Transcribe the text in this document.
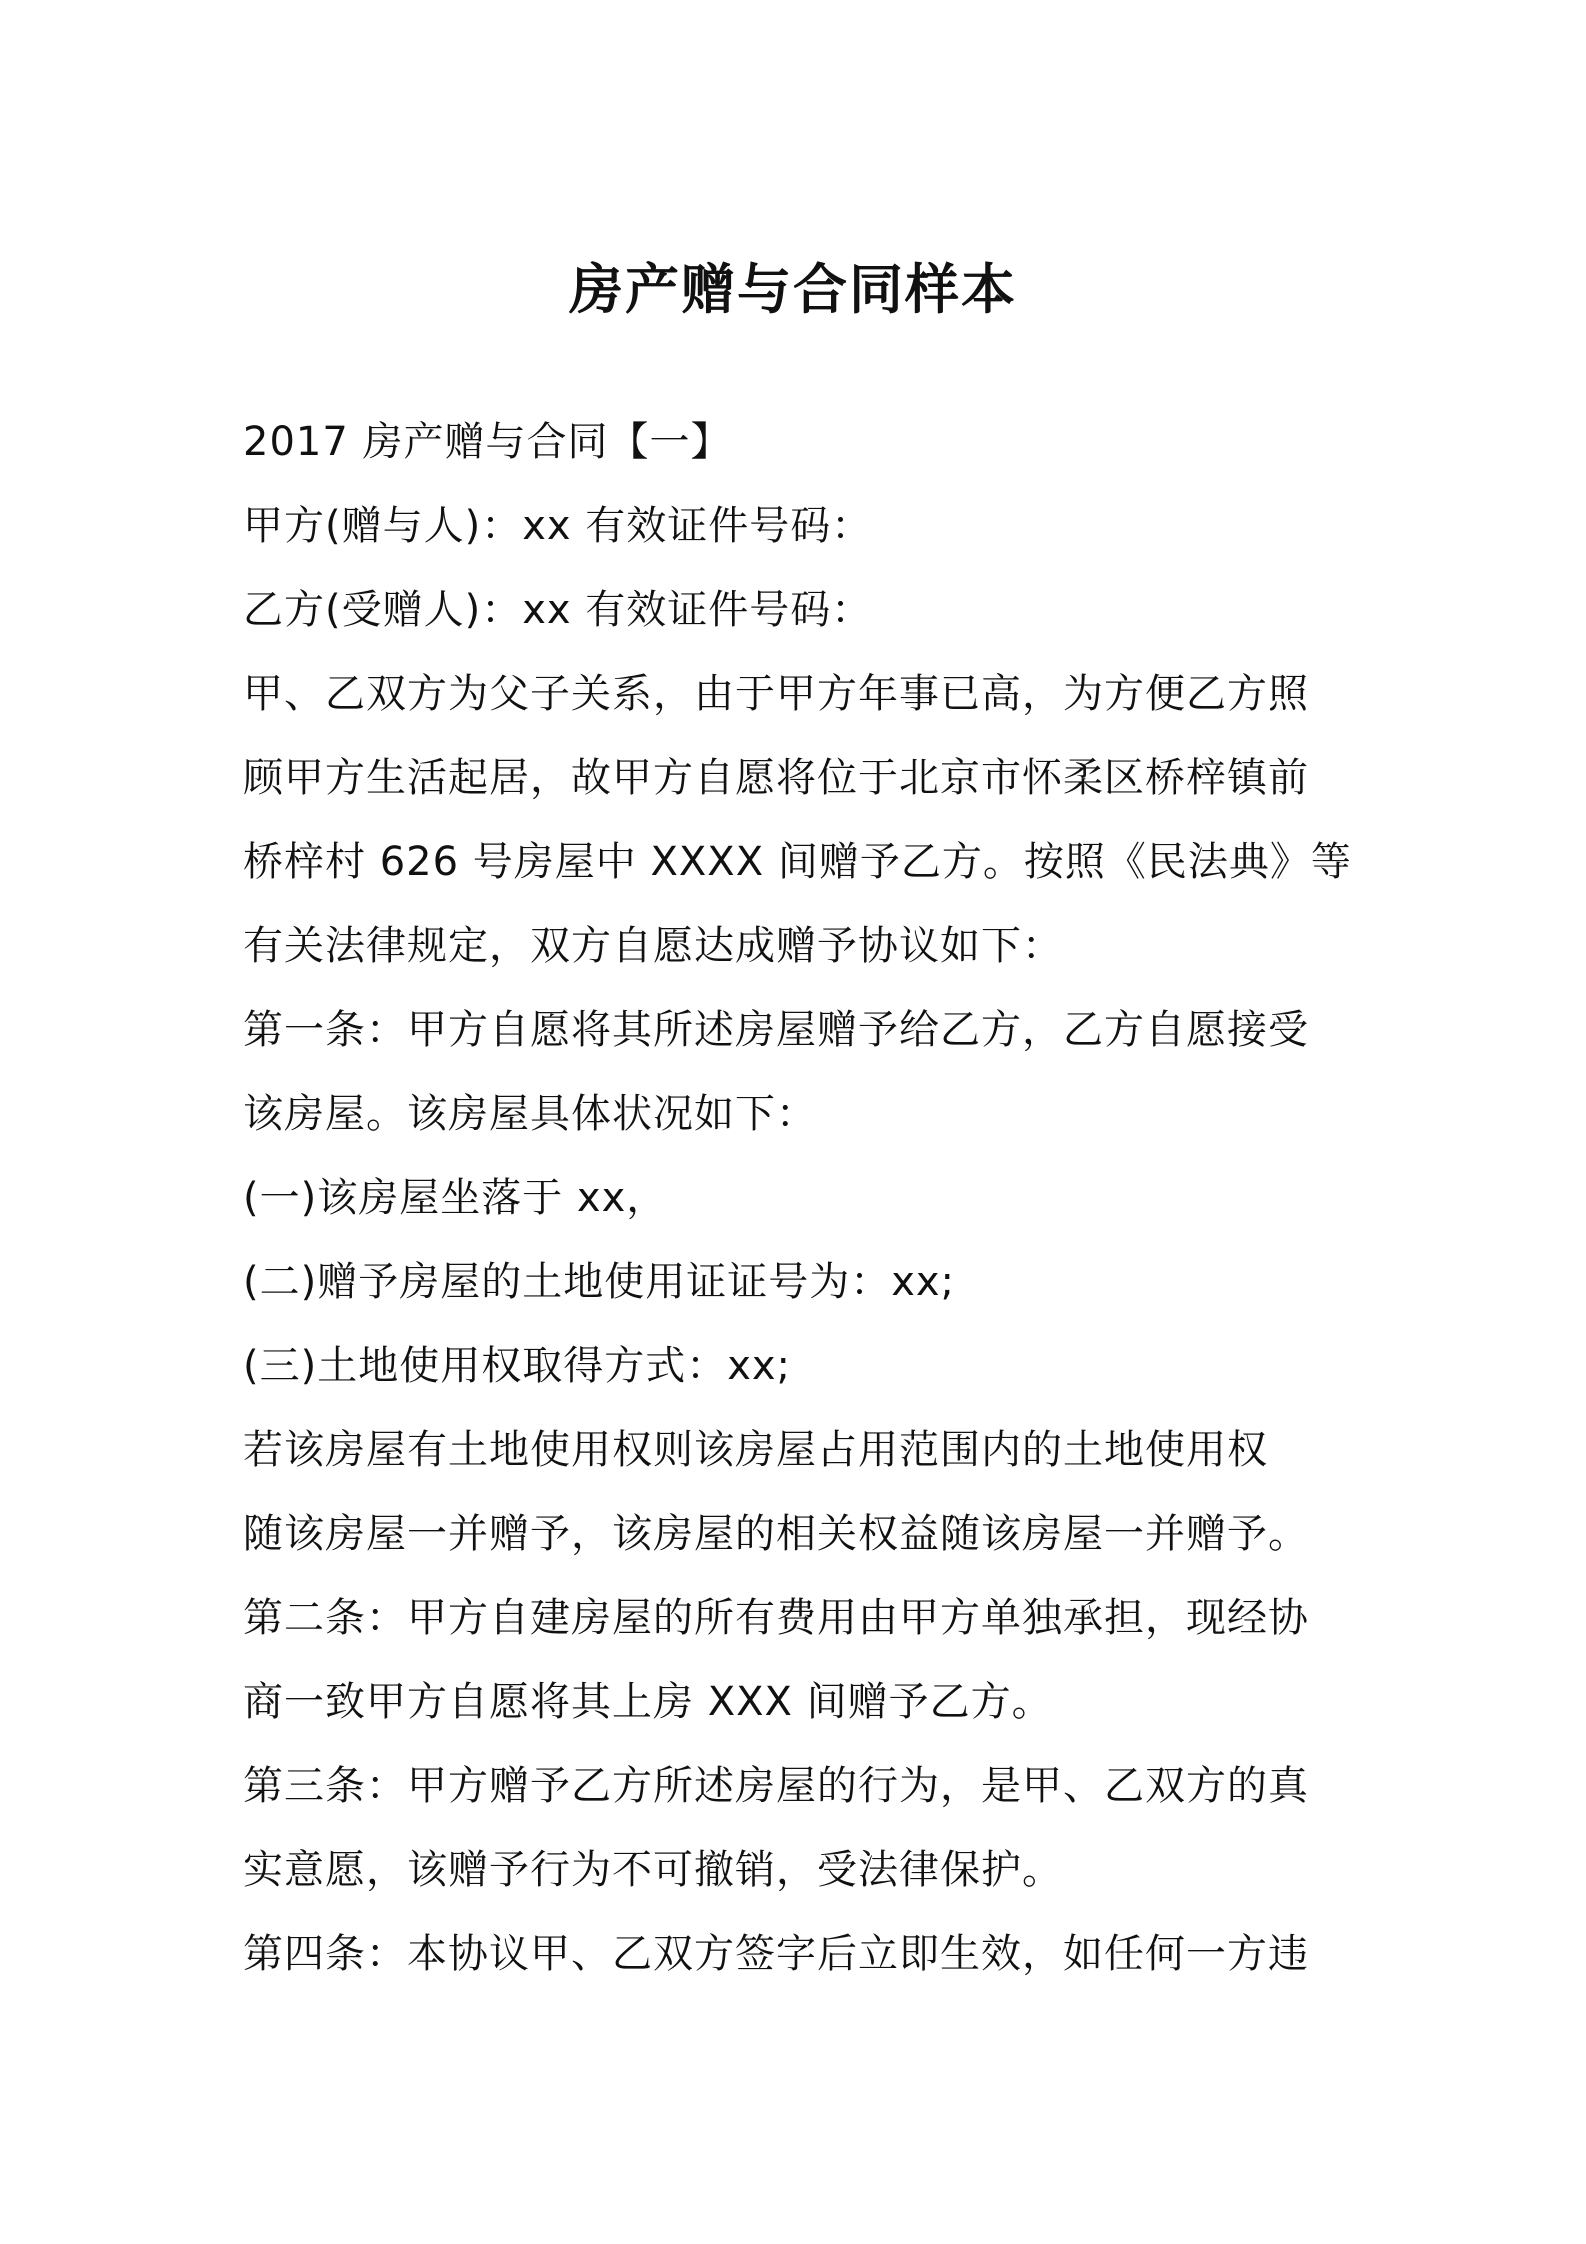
房产赠与合同样本
2017 房产赠与合同【一】
甲方(赠与人)：xx 有效证件号码：
乙方(受赠人)：xx 有效证件号码：
甲、乙双方为父子关系，由于甲方年事已高，为方便乙方照
顾甲方生活起居，故甲方自愿将位于北京市怀柔区桥梓镇前
桥梓村 626 号房屋中 XXXX 间赠予乙方。按照《民法典》等
有关法律规定，双方自愿达成赠予协议如下：
第一条：甲方自愿将其所述房屋赠予给乙方，乙方自愿接受
该房屋。该房屋具体状况如下：
(一)该房屋坐落于 xx，
(二)赠予房屋的土地使用证证号为：xx;
(三)土地使用权取得方式：xx;
若该房屋有土地使用权则该房屋占用范围内的土地使用权
随该房屋一并赠予，该房屋的相关权益随该房屋一并赠予。
第二条：甲方自建房屋的所有费用由甲方单独承担，现经协
商一致甲方自愿将其上房 XXX 间赠予乙方。
第三条：甲方赠予乙方所述房屋的行为，是甲、乙双方的真
实意愿，该赠予行为不可撤销，受法律保护。
第四条：本协议甲、乙双方签字后立即生效，如任何一方违
